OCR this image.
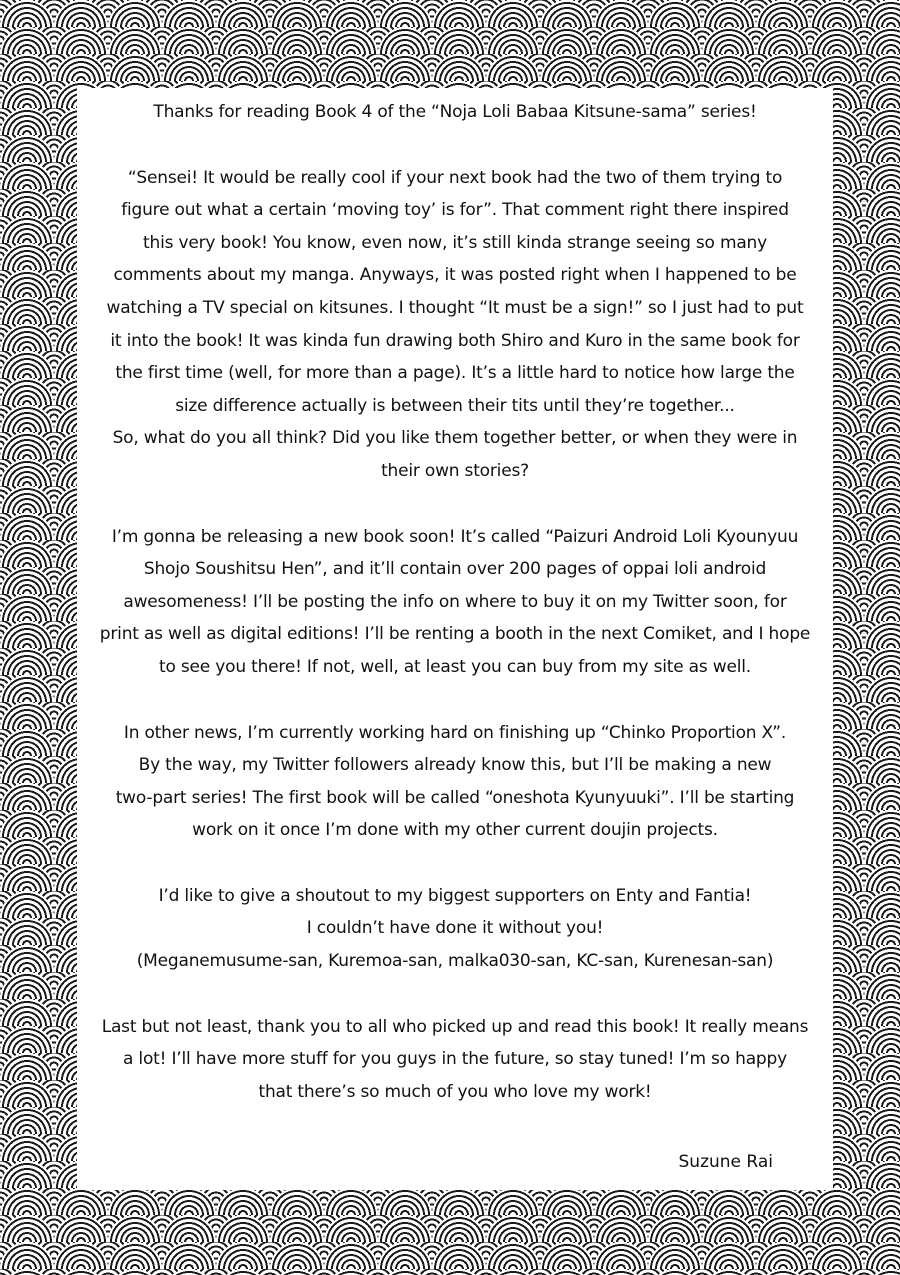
Thanks for reading Book 4 of the “Noja Loli Babaa Kitsune-sama” series!
“Sensei! It would be really cool if your next book had the two of them trying to
figure out what a certain ‘moving toy’ is for”. That comment right there inspired
this very book! You know, even now, it’s still kinda strange seeing so many
comments about my manga. Anyways, it was posted right when I happened to be
watching a TV special on kitsunes. I thought “It must be a sign!” so I just had to put
it into the book! It was kinda fun drawing both Shiro and Kuro in the same book for
the first time (well, for more than a page). It’s a little hard to notice how large the
size difference actually is between their tits until they’re together...
So, what do you all think? Did you like them together better, or when they were in
their own stories?
I’m gonna be releasing a new book soon! It’s called “Paizuri Android Loli Kyounyuu
Shojo Soushitsu Hen”, and it’ll contain over 200 pages of oppai loli android
awesomeness! I’ll be posting the info on where to buy it on my Twitter soon, for
print as well as digital editions! I’ll be renting a booth in the next Comiket, and I hope
to see you there! If not, well, at least you can buy from my site as well.
In other news, I’m currently working hard on finishing up “Chinko Proportion X”.
By the way, my Twitter followers already know this, but I’ll be making a new
two-part series! The first book will be called “oneshota Kyunyuuki”. I’ll be starting
work on it once I’m done with my other current doujin projects.
I’d like to give a shoutout to my biggest supporters on Enty and Fantia!
I couldn’t have done it without you!
(Meganemusume-san, Kuremoa-san, malka030-san, KC-san, Kurenesan-san)
Last but not least, thank you to all who picked up and read this book! It really means
a lot! I’ll have more stuff for you guys in the future, so stay tuned! I’m so happy
that there’s so much of you who love my work!
Suzune Rai
